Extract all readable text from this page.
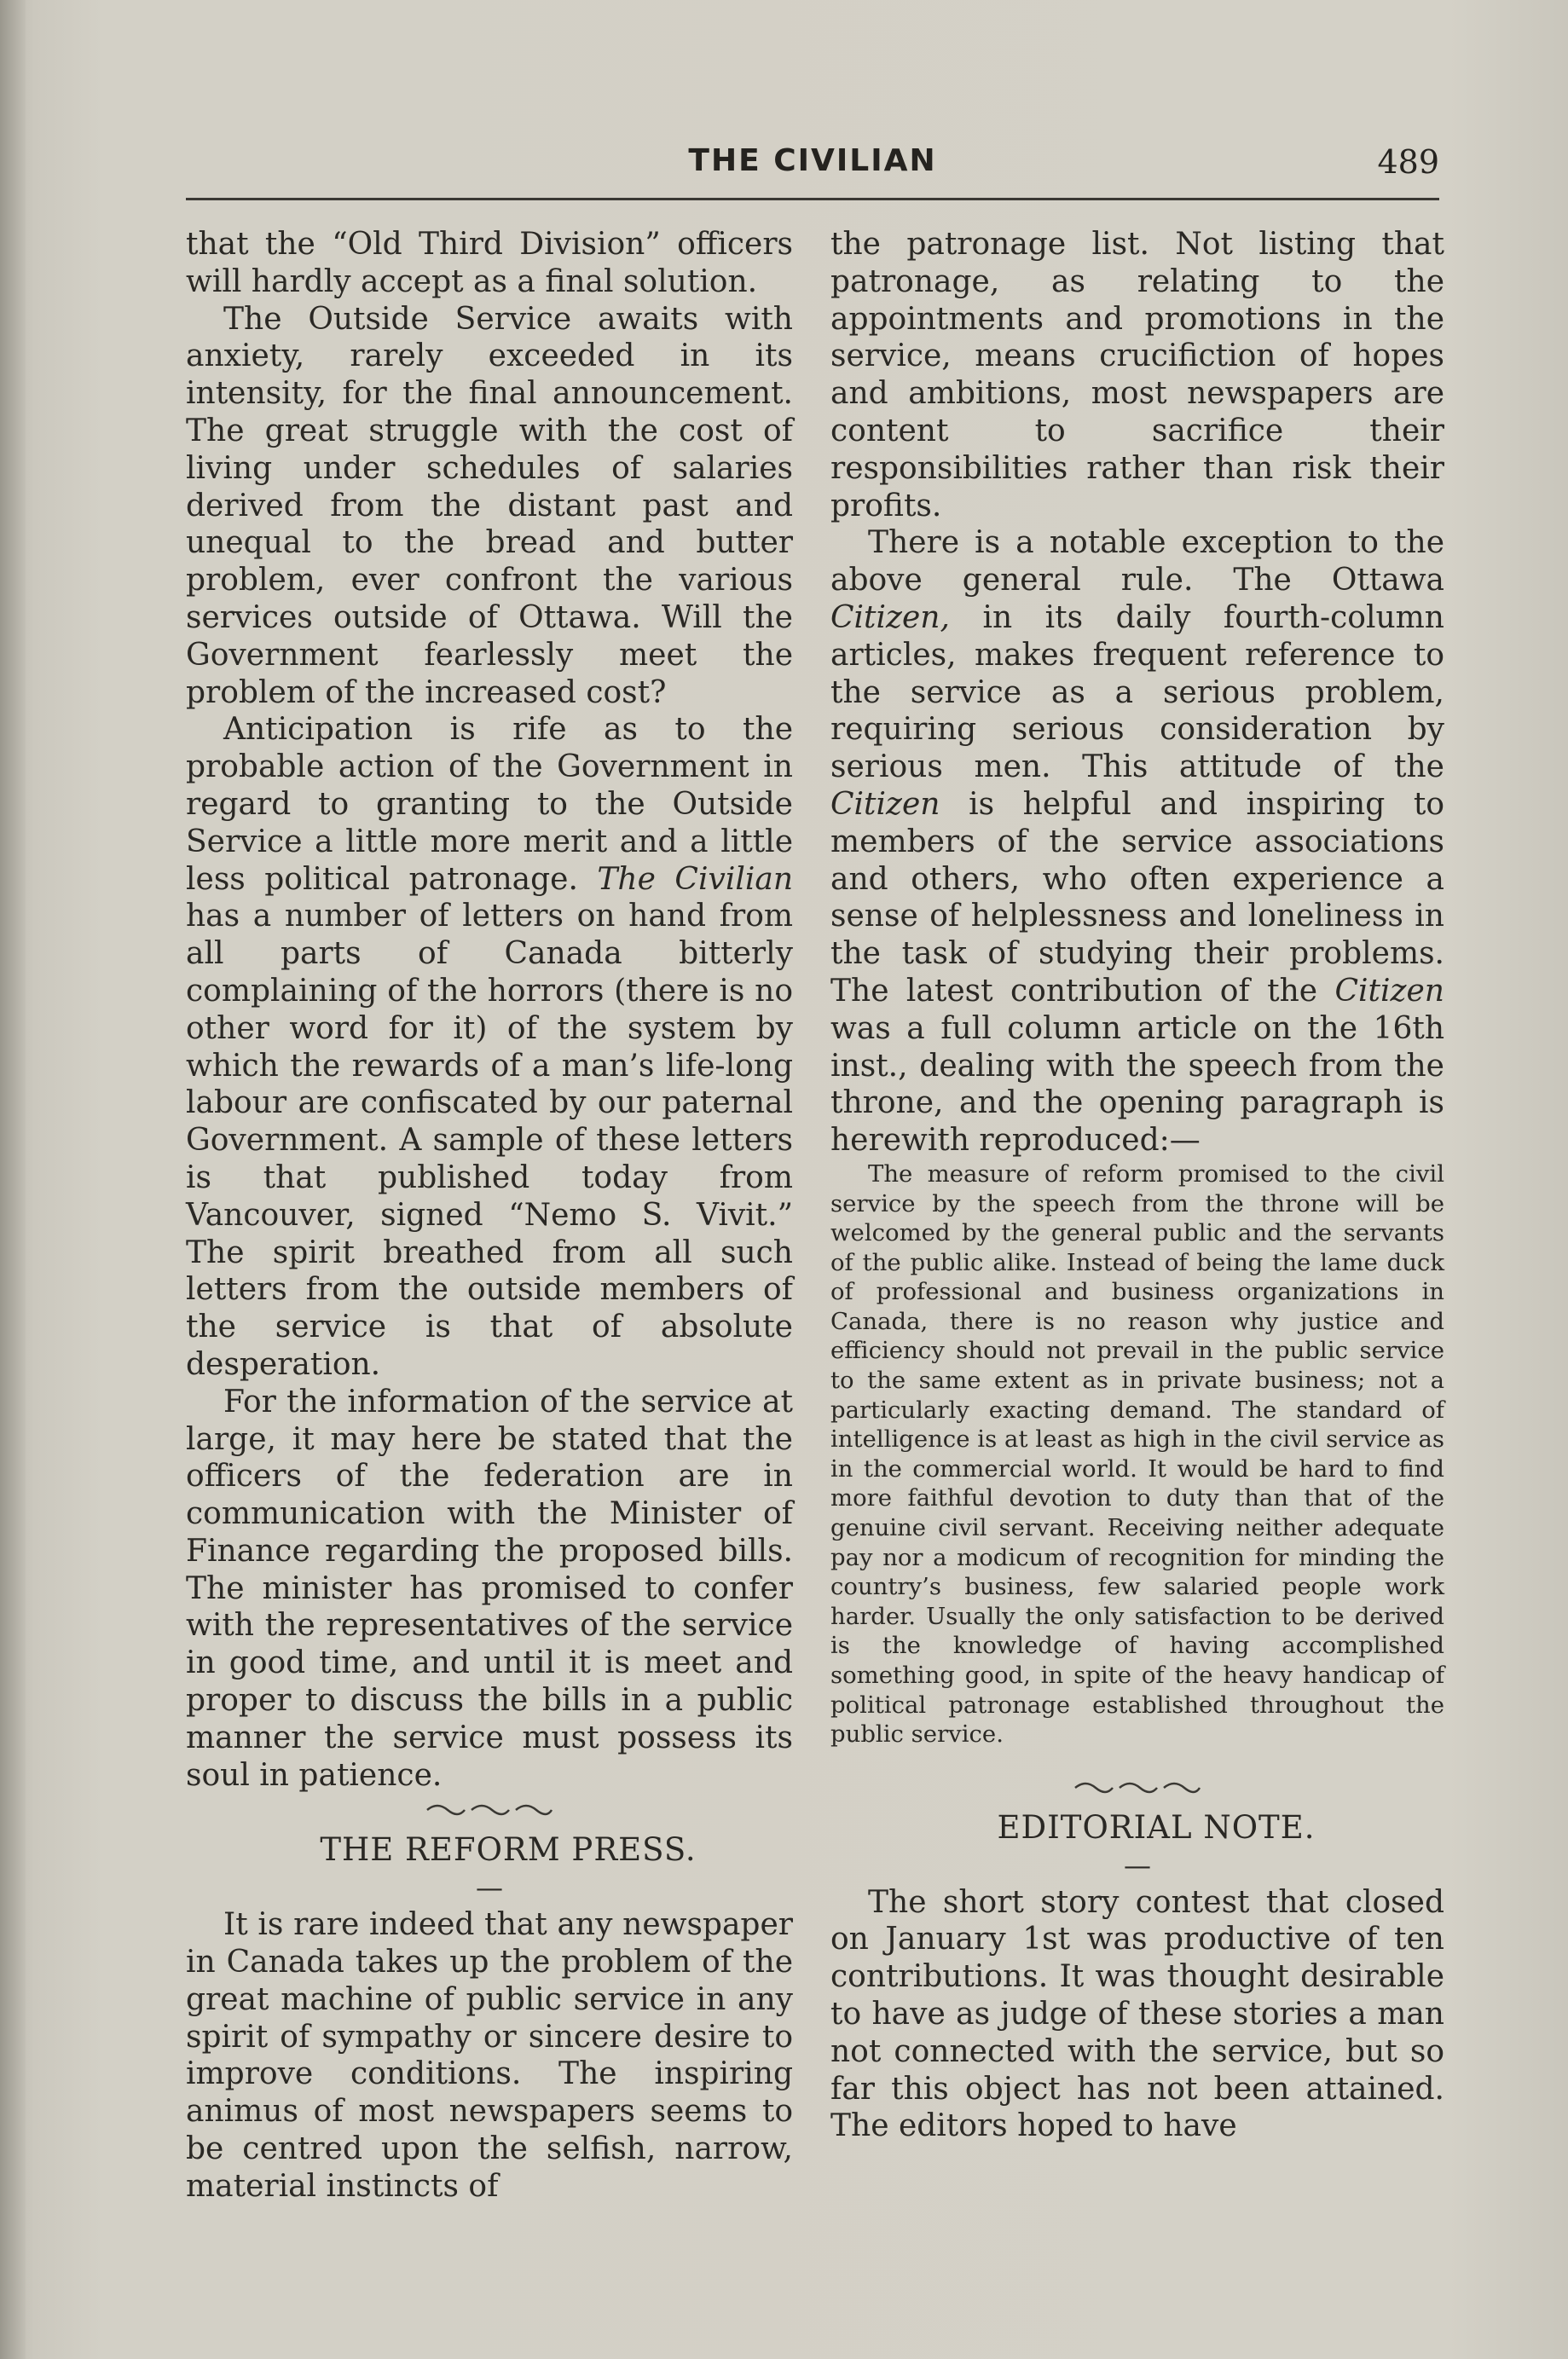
THE CIVILIAN	489

that the “Old Third Division” officers will hardly accept as a final solution.

The Outside Service awaits with anxiety, rarely exceeded in its intensity, for the final announcement. The great struggle with the cost of living under schedules of salaries derived from the distant past and unequal to the bread and butter problem, ever confront the various services outside of Ottawa. Will the Government fearlessly meet the problem of the increased cost?

Anticipation is rife as to the probable action of the Government in regard to granting to the Outside Service a little more merit and a little less political patronage. The Civilian has a number of letters on hand from all parts of Canada bitterly complaining of the horrors (there is no other word for it) of the system by which the rewards of a man’s life-long labour are confiscated by our paternal Government. A sample of these letters is that published today from Vancouver, signed “Nemo S. Vivit.” The spirit breathed from all such letters from the outside members of the service is that of absolute desperation.

For the information of the service at large, it may here be stated that the officers of the federation are in communication with the Minister of Finance regarding the proposed bills. The minister has promised to confer with the representatives of the service in good time, and until it is meet and proper to discuss the bills in a public manner the service must possess its soul in patience.

THE REFORM PRESS.

—

It is rare indeed that any newspaper in Canada takes up the problem of the great machine of public service in any spirit of sympathy or sincere desire to improve conditions. The inspiring animus of most newspapers seems to be centred upon the selfish, narrow, material instincts of

the patronage list. Not listing that patronage, as relating to the appointments and promotions in the service, means crucifiction of hopes and ambitions, most newspapers are content to sacrifice their responsibilities rather than risk their profits.

There is a notable exception to the above general rule. The Ottawa Citizen, in its daily fourth-column articles, makes frequent reference to the service as a serious problem, requiring serious consideration by serious men. This attitude of the Citizen is helpful and inspiring to members of the service associations and others, who often experience a sense of helplessness and loneliness in the task of studying their problems. The latest contribution of the Citizen was a full column article on the 16th inst., dealing with the speech from the throne, and the opening paragraph is herewith reproduced:—

The measure of reform promised to the civil service by the speech from the throne will be welcomed by the general public and the servants of the public alike. Instead of being the lame duck of professional and business organizations in Canada, there is no reason why justice and efficiency should not prevail in the public service to the same extent as in private business; not a particularly exacting demand. The standard of intelligence is at least as high in the civil service as in the commercial world. It would be hard to find more faithful devotion to duty than that of the genuine civil servant. Receiving neither adequate pay nor a modicum of recognition for minding the country’s business, few salaried people work harder. Usually the only satisfaction to be derived is the knowledge of having accomplished something good, in spite of the heavy handicap of political patronage established throughout the public service.

EDITORIAL NOTE.

—

The short story contest that closed on January 1st was productive of ten contributions. It was thought desirable to have as judge of these stories a man not connected with the service, but so far this object has not been attained. The editors hoped to have
